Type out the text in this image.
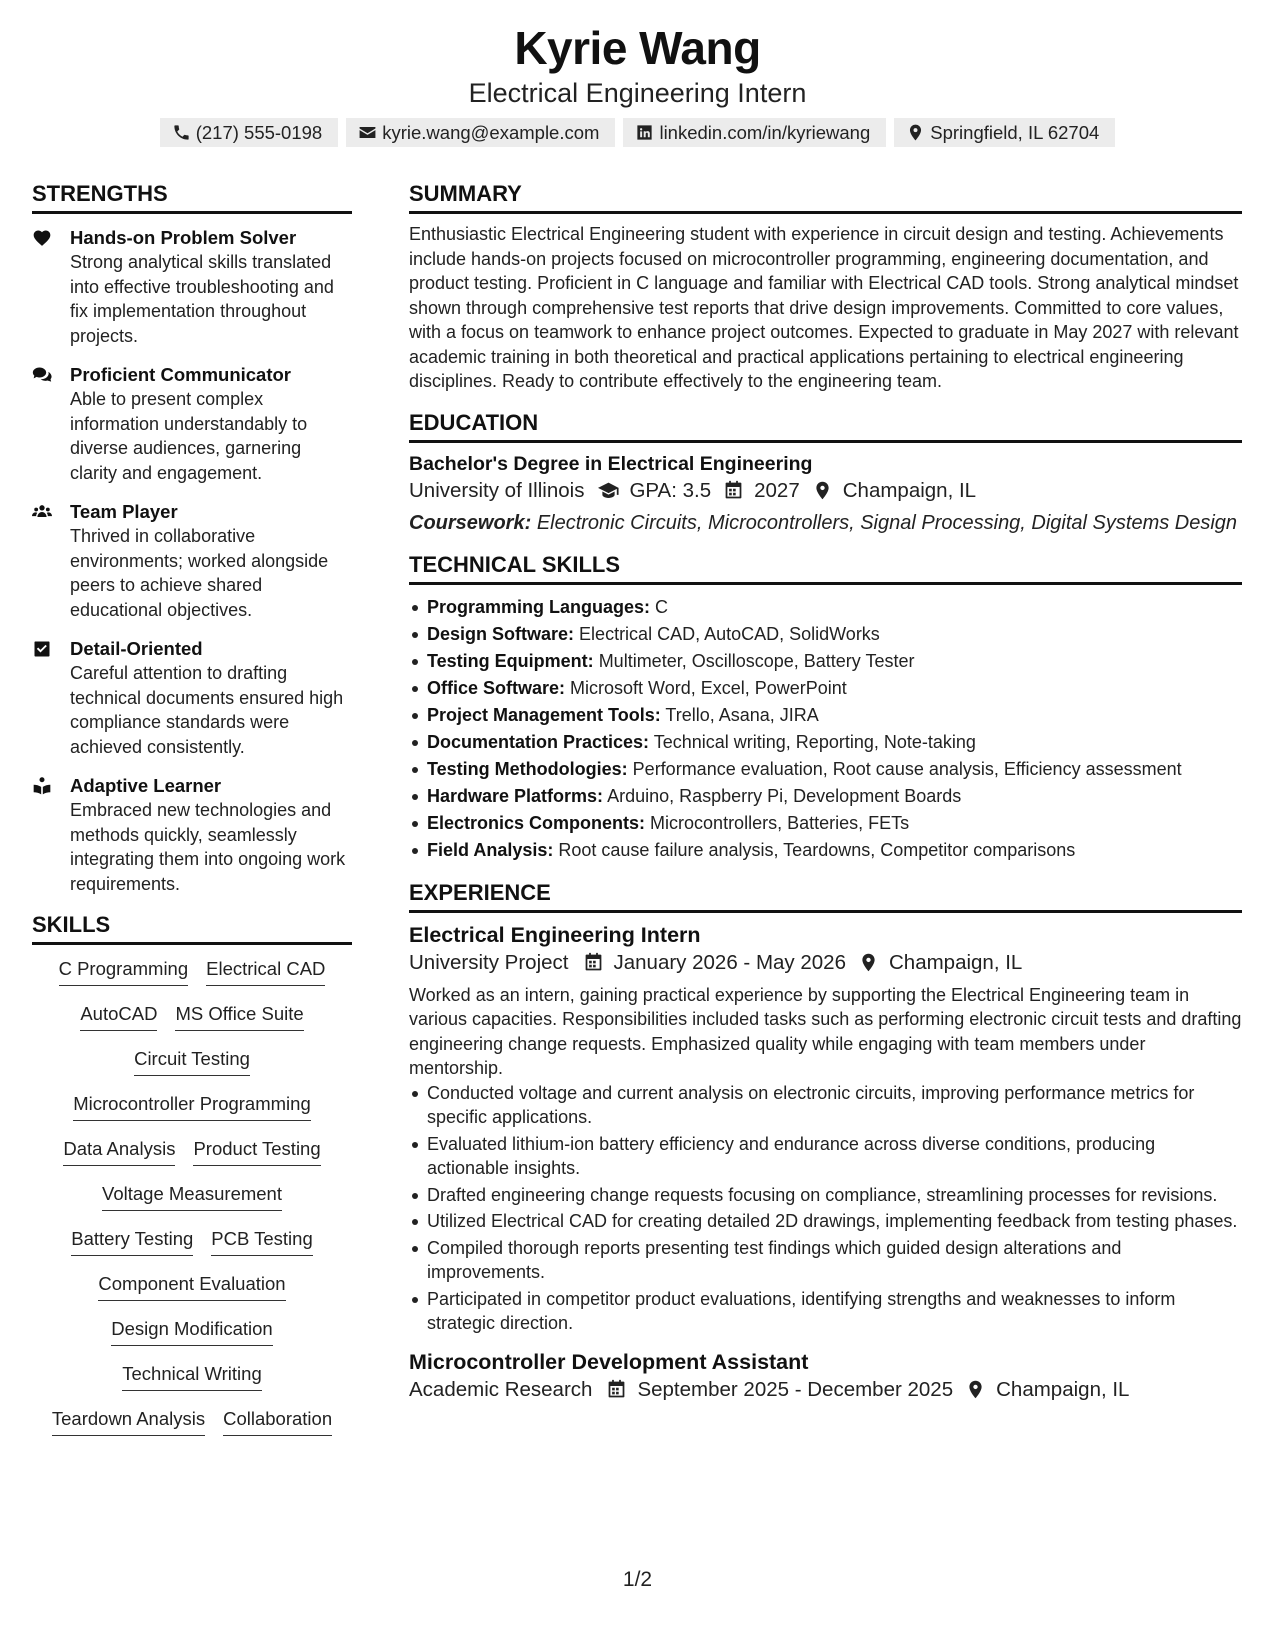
Kyrie Wang
Electrical Engineering Intern
(217) 555-0198	kyrie.wang@example.com	linkedin.com/in/kyriewang	Springfield, IL 62704
STRENGTHS
Hands-on Problem Solver
Strong analytical skills translated into effective troubleshooting and fix implementation throughout projects.
Proficient Communicator
Able to present complex information understandably to diverse audiences, garnering clarity and engagement.
Team Player
Thrived in collaborative environments; worked alongside peers to achieve shared educational objectives.
Detail-Oriented
Careful attention to drafting technical documents ensured high compliance standards were achieved consistently.
Adaptive Learner
Embraced new technologies and methods quickly, seamlessly integrating them into ongoing work requirements.
SKILLS
C Programming Electrical CAD
AutoCAD MS Office Suite
Circuit Testing
Microcontroller Programming
Data Analysis Product Testing
Voltage Measurement
Battery Testing PCB Testing
Component Evaluation
Design Modification
Technical Writing
Teardown Analysis Collaboration
SUMMARY
Enthusiastic Electrical Engineering student with experience in circuit design and testing. Achievements include hands-on projects focused on microcontroller programming, engineering documentation, and product testing. Proficient in C language and familiar with Electrical CAD tools. Strong analytical mindset shown through comprehensive test reports that drive design improvements. Committed to core values, with a focus on teamwork to enhance project outcomes. Expected to graduate in May 2027 with relevant academic training in both theoretical and practical applications pertaining to electrical engineering disciplines. Ready to contribute effectively to the engineering team.
EDUCATION
Bachelor's Degree in Electrical Engineering
University of Illinois GPA: 3.5 2027 Champaign, IL
Coursework: Electronic Circuits, Microcontrollers, Signal Processing, Digital Systems Design
TECHNICAL SKILLS
Programming Languages: C
Design Software: Electrical CAD, AutoCAD, SolidWorks
Testing Equipment: Multimeter, Oscilloscope, Battery Tester
Office Software: Microsoft Word, Excel, PowerPoint
Project Management Tools: Trello, Asana, JIRA
Documentation Practices: Technical writing, Reporting, Note-taking
Testing Methodologies: Performance evaluation, Root cause analysis, Efficiency assessment
Hardware Platforms: Arduino, Raspberry Pi, Development Boards
Electronics Components: Microcontrollers, Batteries, FETs
Field Analysis: Root cause failure analysis, Teardowns, Competitor comparisons
EXPERIENCE
Electrical Engineering Intern
University Project January 2026 - May 2026 Champaign, IL
Worked as an intern, gaining practical experience by supporting the Electrical Engineering team in various capacities. Responsibilities included tasks such as performing electronic circuit tests and drafting engineering change requests. Emphasized quality while engaging with team members under mentorship.
Conducted voltage and current analysis on electronic circuits, improving performance metrics for specific applications.
Evaluated lithium-ion battery efficiency and endurance across diverse conditions, producing actionable insights.
Drafted engineering change requests focusing on compliance, streamlining processes for revisions.
Utilized Electrical CAD for creating detailed 2D drawings, implementing feedback from testing phases.
Compiled thorough reports presenting test findings which guided design alterations and improvements.
Participated in competitor product evaluations, identifying strengths and weaknesses to inform strategic direction.
Microcontroller Development Assistant
Academic Research September 2025 - December 2025 Champaign, IL
1/2
